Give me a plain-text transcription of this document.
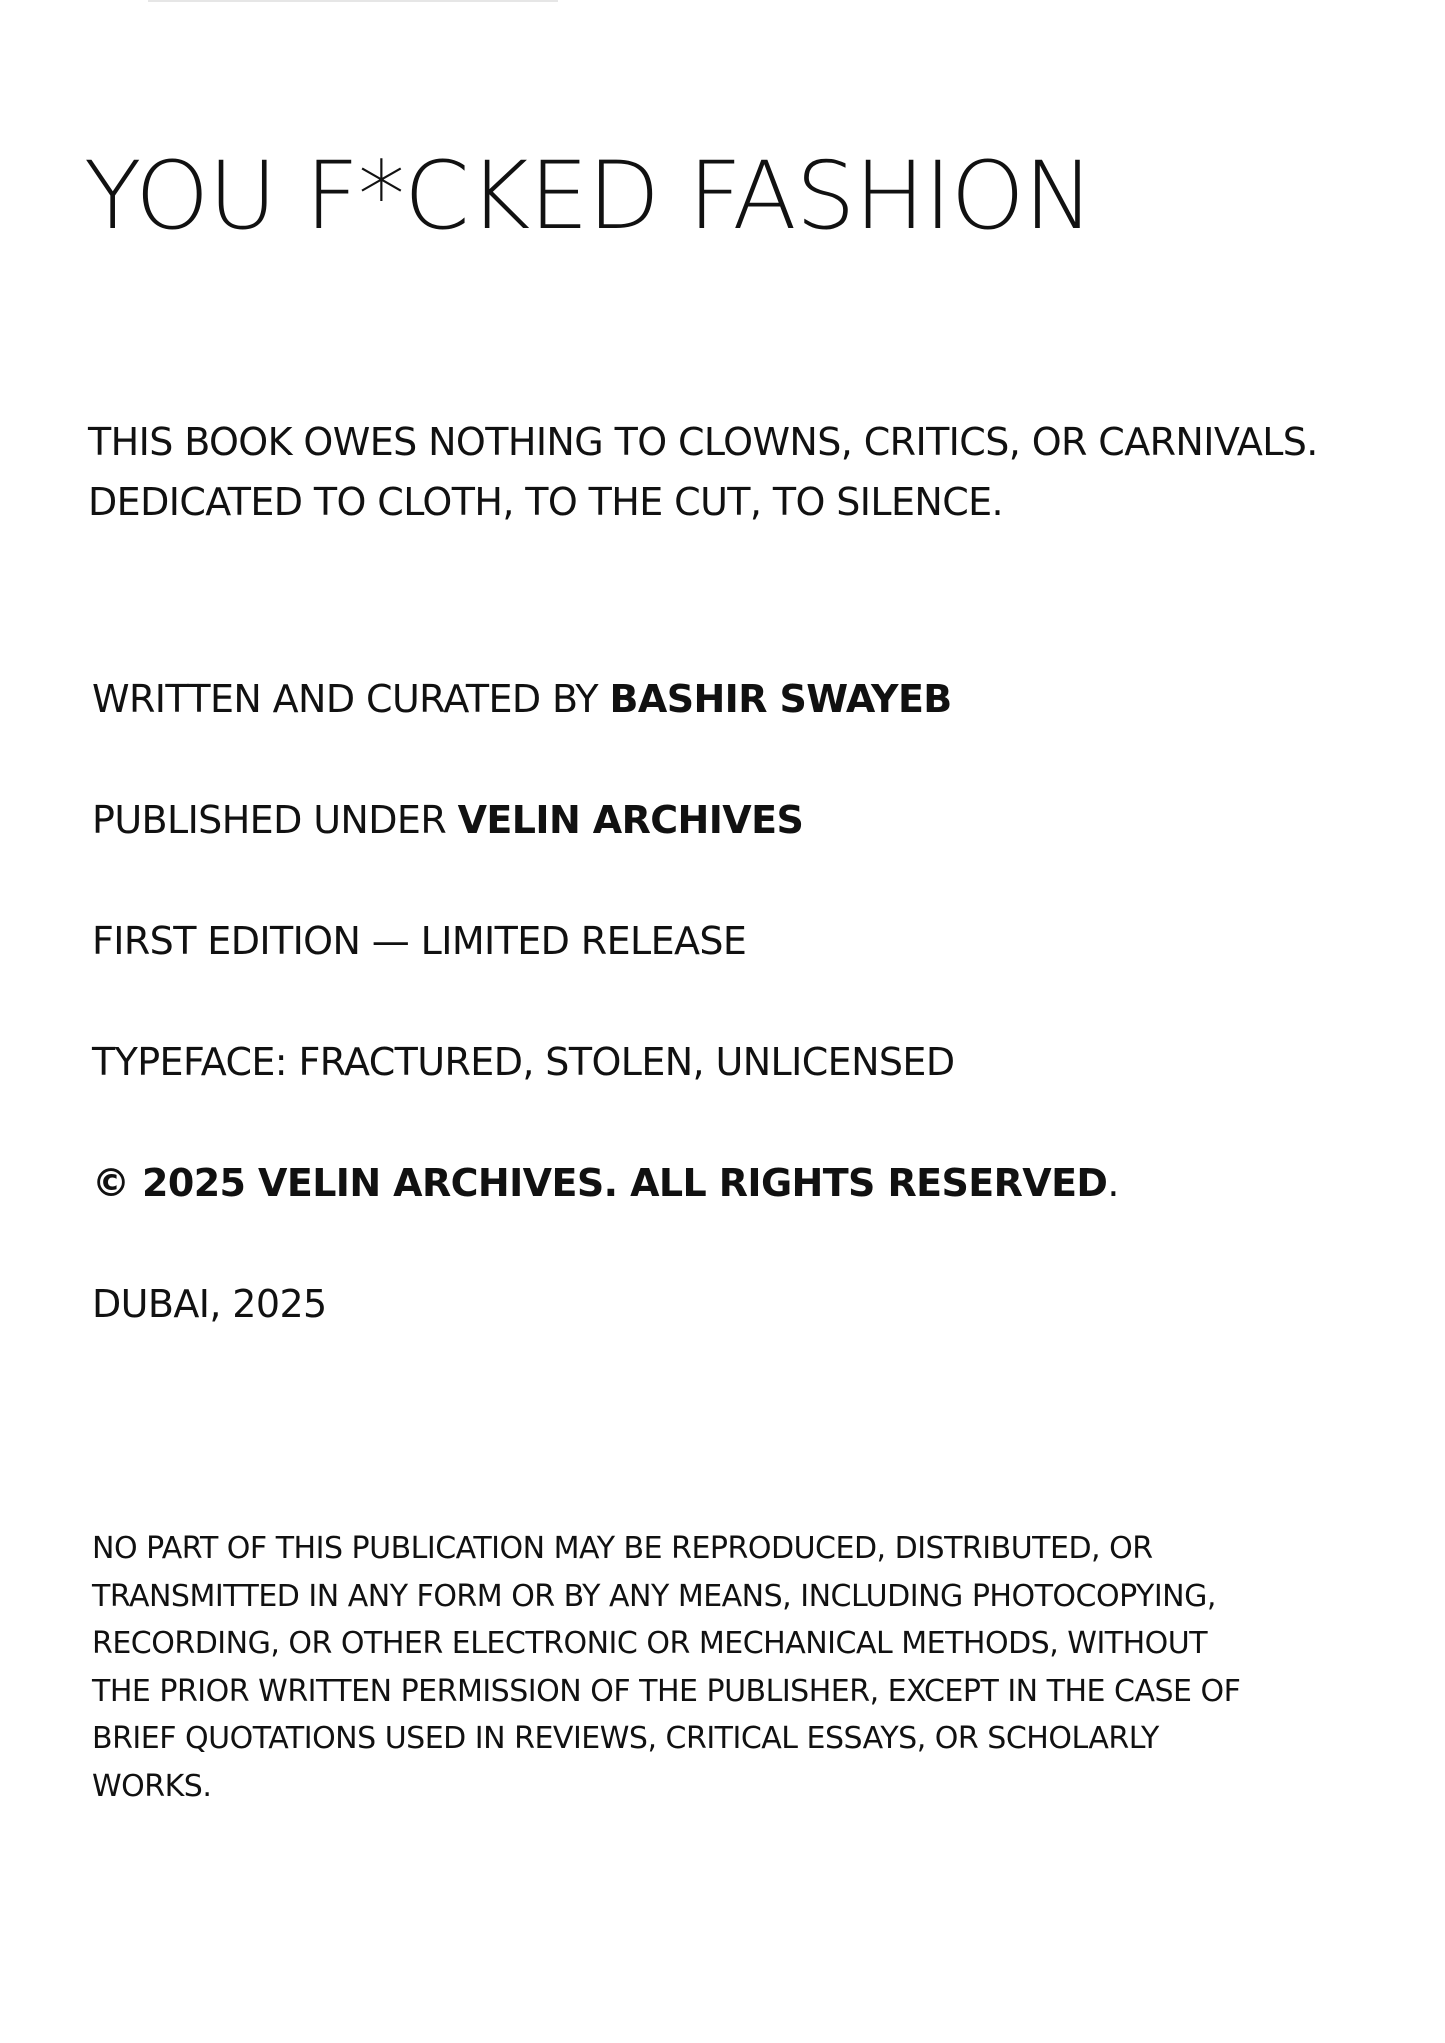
YOU F*CKED FASHION
THIS BOOK OWES NOTHING TO CLOWNS, CRITICS, OR CARNIVALS.
DEDICATED TO CLOTH, TO THE CUT, TO SILENCE.
WRITTEN AND CURATED BY BASHIR SWAYEB
PUBLISHED UNDER VELIN ARCHIVES
FIRST EDITION — LIMITED RELEASE
TYPEFACE: FRACTURED, STOLEN, UNLICENSED
© 2025 VELIN ARCHIVES. ALL RIGHTS RESERVED.
DUBAI, 2025
NO PART OF THIS PUBLICATION MAY BE REPRODUCED, DISTRIBUTED, OR
TRANSMITTED IN ANY FORM OR BY ANY MEANS, INCLUDING PHOTOCOPYING,
RECORDING, OR OTHER ELECTRONIC OR MECHANICAL METHODS, WITHOUT
THE PRIOR WRITTEN PERMISSION OF THE PUBLISHER, EXCEPT IN THE CASE OF
BRIEF QUOTATIONS USED IN REVIEWS, CRITICAL ESSAYS, OR SCHOLARLY
WORKS.
